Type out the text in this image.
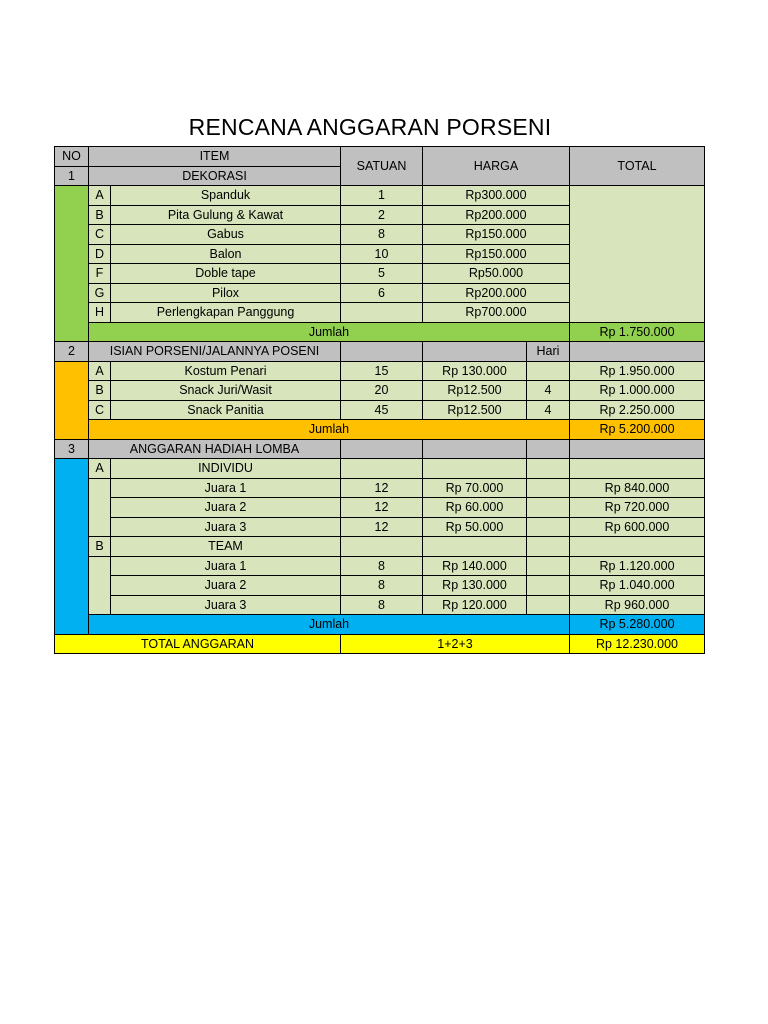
RENCANA ANGGARAN PORSENI
NO	ITEM		SATUAN	HARGA		TOTAL
1	DEKORASI					
	A	Spanduk	1	Rp300.000		
	B	Pita Gulung & Kawat	2	Rp200.000		
	C	Gabus	8	Rp150.000		
	D	Balon	10	Rp150.000		
	F	Doble tape	5	Rp50.000		
	G	Pilox	6	Rp200.000		
	H	Perlengkapan Panggung		Rp700.000		
	Jumlah					Rp 1.750.000
2	ISIAN PORSENI/JALANNYA POSENI				Hari	
	A	Kostum Penari	15	Rp 130.000		Rp 1.950.000
	B	Snack Juri/Wasit	20	Rp12.500	4	Rp 1.000.000
	C	Snack Panitia	45	Rp12.500	4	Rp 2.250.000
	Jumlah					Rp 5.200.000
3	ANGGARAN HADIAH LOMBA					
	A	INDIVIDU				
		Juara 1	12	Rp 70.000		Rp 840.000
		Juara 2	12	Rp 60.000		Rp 720.000
		Juara 3	12	Rp 50.000		Rp 600.000
	B	TEAM				
		Juara 1	8	Rp 140.000		Rp 1.120.000
		Juara 2	8	Rp 130.000		Rp 1.040.000
		Juara 3	8	Rp 120.000		Rp 960.000
	Jumlah					Rp 5.280.000
TOTAL ANGGARAN			1+2+3			Rp 12.230.000
